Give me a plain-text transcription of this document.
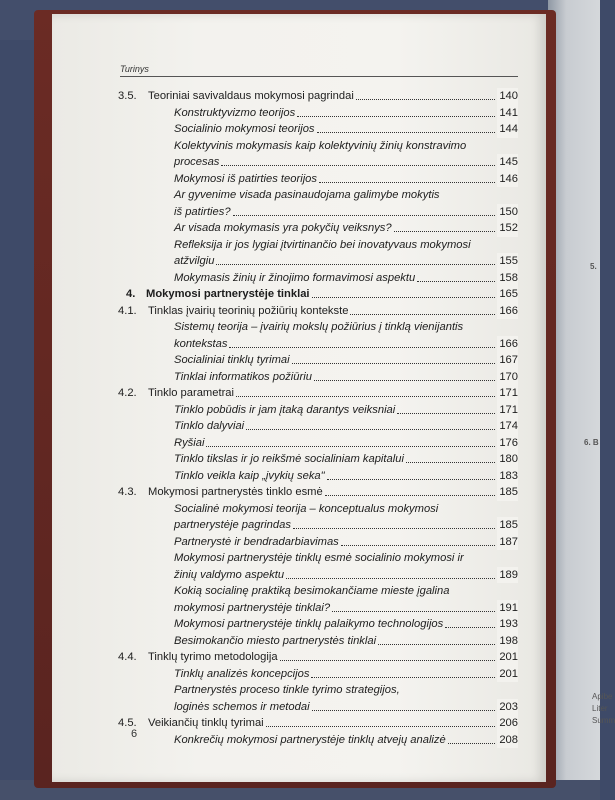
5.
6. B
Apibe
Liter
Summ
Turinys
3.5. Teoriniai savivaldaus mokymosi pagrindai	140
Konstruktyvizmo teorijos	141
Socialinio mokymosi teorijos	144
Kolektyvinis mokymasis kaip kolektyvinių žinių konstravimo
procesas	145
Mokymosi iš patirties teorijos	146
Ar gyvenime visada pasinaudojama galimybe mokytis
iš patirties?	150
Ar visada mokymasis yra pokyčių veiksnys?	152
Refleksija ir jos lygiai įtvirtinančio bei inovatyvaus mokymosi
atžvilgiu	155
Mokymasis žinių ir žinojimo formavimosi aspektu	158
4. Mokymosi partnerystėje tinklai	165
4.1. Tinklas įvairių teorinių požiūrių kontekste	166
Sistemų teorija – įvairių mokslų požiūrius į tinklą vienijantis
kontekstas	166
Socialiniai tinklų tyrimai	167
Tinklai informatikos požiūriu	170
4.2. Tinklo parametrai	171
Tinklo pobūdis ir jam įtaką darantys veiksniai	171
Tinklo dalyviai	174
Ryšiai	176
Tinklo tikslas ir jo reikšmė socialiniam kapitalui	180
Tinklo veikla kaip „įvykių seka"	183
4.3. Mokymosi partnerystės tinklo esmė	185
Socialinė mokymosi teorija – konceptualus mokymosi
partnerystėje pagrindas	185
Partnerystė ir bendradarbiavimas	187
Mokymosi partnerystėje tinklų esmė socialinio mokymosi ir
žinių valdymo aspektu	189
Kokią socialinę praktiką besimokančiame mieste įgalina
mokymosi partnerystėje tinklai?	191
Mokymosi partnerystėje tinklų palaikymo technologijos	193
Besimokančio miesto partnerystės tinklai	198
4.4. Tinklų tyrimo metodologija	201
Tinklų analizės koncepcijos	201
Partnerystės proceso tinkle tyrimo strategijos,
loginės schemos ir metodai	203
4.5. Veikiančių tinklų tyrimai	206
Konkrečių mokymosi partnerystėje tinklų atvejų analizė	208
6
